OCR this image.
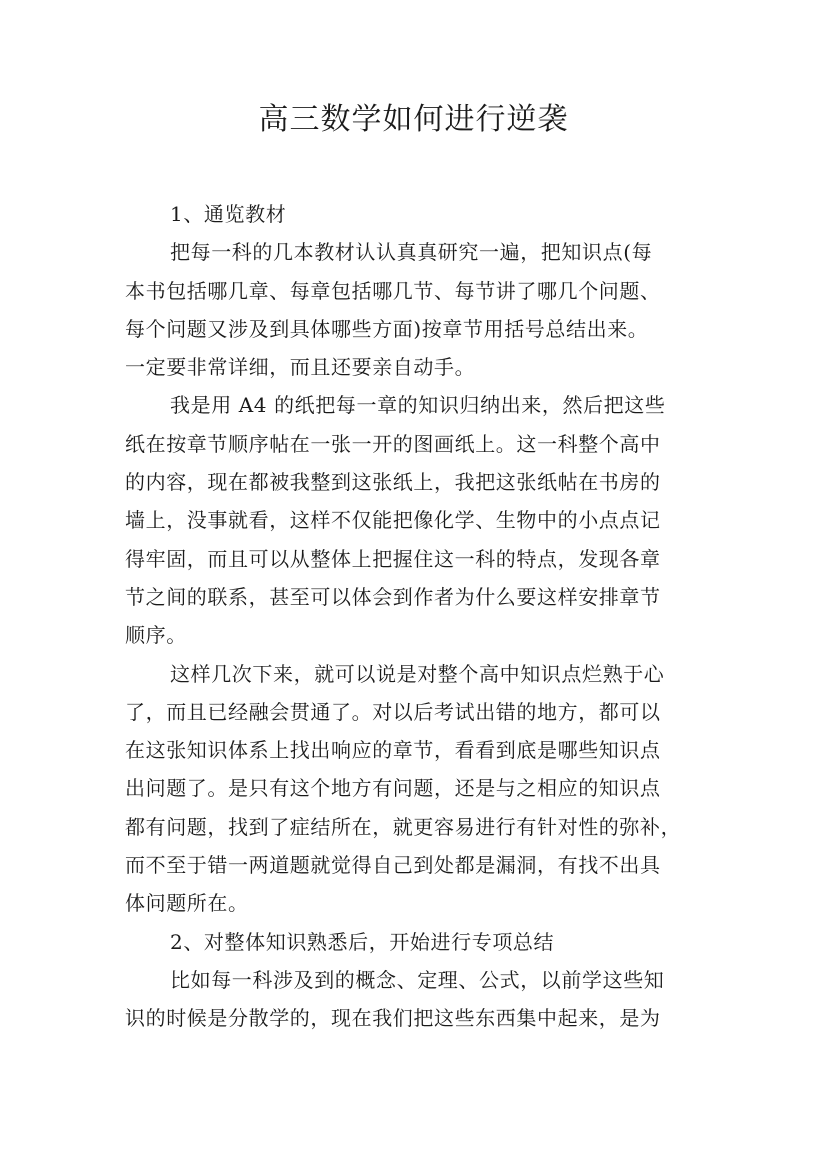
高三数学如何进行逆袭
1、通览教材
把每一科的几本教材认认真真研究一遍，把知识点(每
本书包括哪几章、每章包括哪几节、每节讲了哪几个问题、
每个问题又涉及到具体哪些方面)按章节用括号总结出来。
一定要非常详细，而且还要亲自动手。
我是用 A4 的纸把每一章的知识归纳出来，然后把这些
纸在按章节顺序帖在一张一开的图画纸上。这一科整个高中
的内容，现在都被我整到这张纸上，我把这张纸帖在书房的
墙上，没事就看，这样不仅能把像化学、生物中的小点点记
得牢固，而且可以从整体上把握住这一科的特点，发现各章
节之间的联系，甚至可以体会到作者为什么要这样安排章节
顺序。
这样几次下来，就可以说是对整个高中知识点烂熟于心
了，而且已经融会贯通了。对以后考试出错的地方，都可以
在这张知识体系上找出响应的章节，看看到底是哪些知识点
出问题了。是只有这个地方有问题，还是与之相应的知识点
都有问题，找到了症结所在，就更容易进行有针对性的弥补，
而不至于错一两道题就觉得自己到处都是漏洞，有找不出具
体问题所在。
2、对整体知识熟悉后，开始进行专项总结
比如每一科涉及到的概念、定理、公式，以前学这些知
识的时候是分散学的，现在我们把这些东西集中起来，是为
